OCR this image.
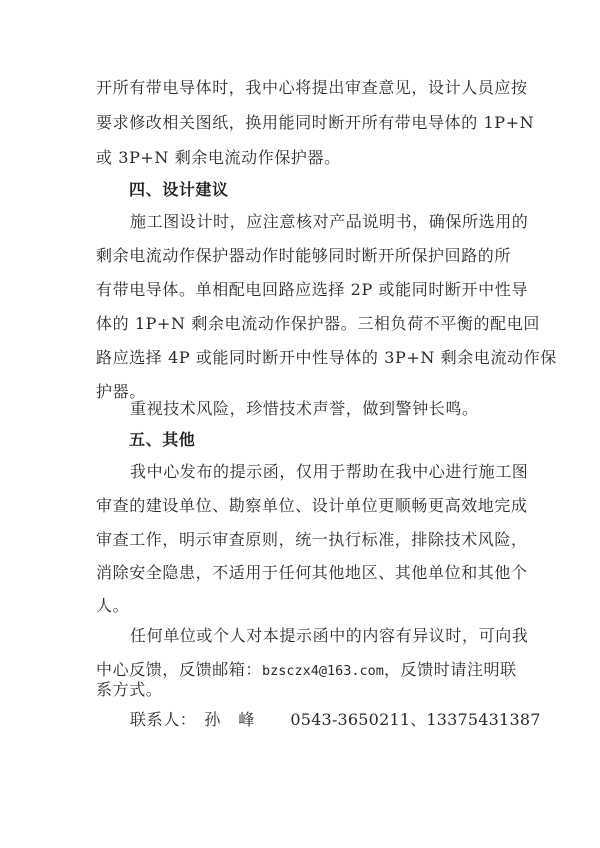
开所有带电导体时，我中心将提出审查意见，设计人员应按
要求修改相关图纸，换用能同时断开所有带电导体的 1P+N
或 3P+N 剩余电流动作保护器。
四、设计建议
施工图设计时，应注意核对产品说明书，确保所选用的
剩余电流动作保护器动作时能够同时断开所保护回路的所
有带电导体。单相配电回路应选择 2P 或能同时断开中性导
体的 1P+N 剩余电流动作保护器。三相负荷不平衡的配电回
路应选择 4P 或能同时断开中性导体的 3P+N 剩余电流动作保
护器。
重视技术风险，珍惜技术声誉，做到警钟长鸣。
五、其他
我中心发布的提示函，仅用于帮助在我中心进行施工图
审查的建设单位、勘察单位、设计单位更顺畅更高效地完成
审查工作，明示审查原则，统一执行标准，排除技术风险，
消除安全隐患，不适用于任何其他地区、其他单位和其他个
人。
任何单位或个人对本提示函中的内容有异议时，可向我
中心反馈，反馈邮箱：bzsczx4@163.com，反馈时请注明联
系方式。
联系人： 孙峰 0543-3650211、13375431387
